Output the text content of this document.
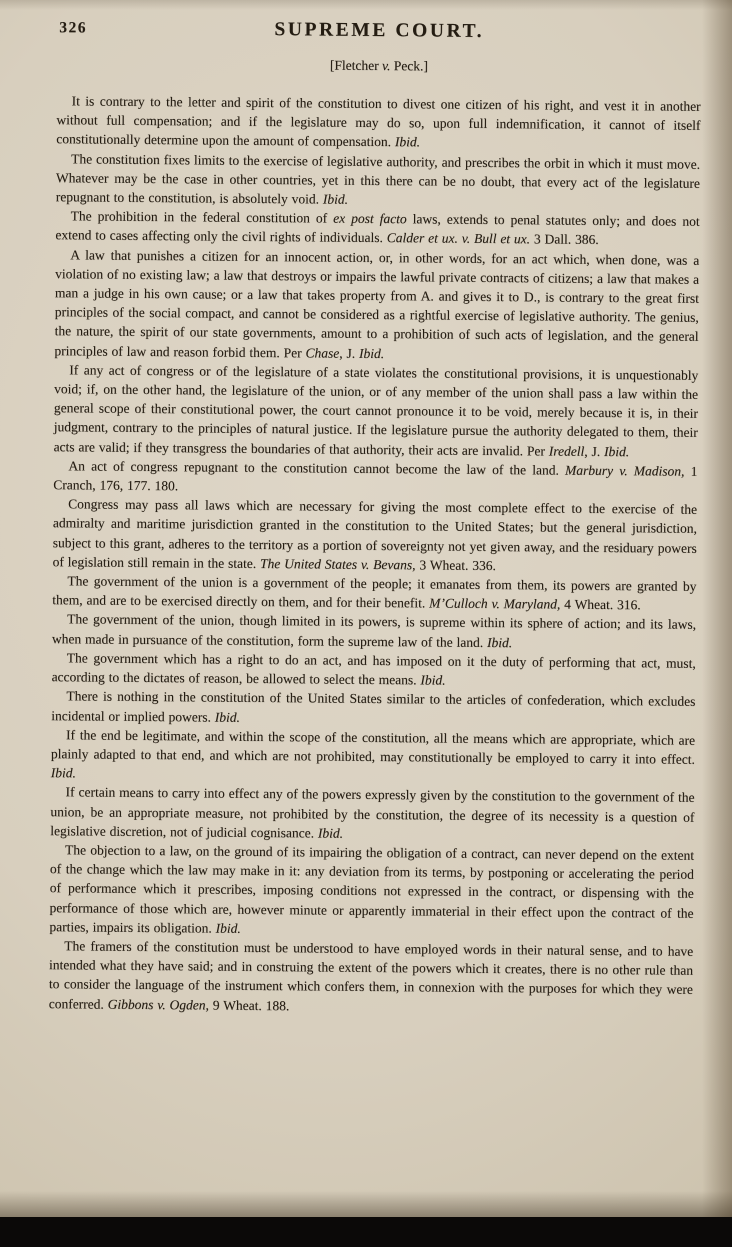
326	SUPREME COURT.
[Fletcher v. Peck.]

It is contrary to the letter and spirit of the constitution to divest one citizen of his right, and vest it in another without full compensation; and if the legislature may do so, upon full indemnification, it cannot of itself constitutionally determine upon the amount of compensation. Ibid.

The constitution fixes limits to the exercise of legislative authority, and prescribes the orbit in which it must move. Whatever may be the case in other countries, yet in this there can be no doubt, that every act of the legislature repugnant to the constitution, is absolutely void. Ibid.

The prohibition in the federal constitution of ex post facto laws, extends to penal statutes only; and does not extend to cases affecting only the civil rights of individuals. Calder et ux. v. Bull et ux. 3 Dall. 386.

A law that punishes a citizen for an innocent action, or, in other words, for an act which, when done, was a violation of no existing law; a law that destroys or impairs the lawful private contracts of citizens; a law that makes a man a judge in his own cause; or a law that takes property from A. and gives it to D., is contrary to the great first principles of the social compact, and cannot be considered as a rightful exercise of legislative authority. The genius, the nature, the spirit of our state governments, amount to a prohibition of such acts of legislation, and the general principles of law and reason forbid them. Per Chase, J. Ibid.

If any act of congress or of the legislature of a state violates the constitutional provisions, it is unquestionably void; if, on the other hand, the legislature of the union, or of any member of the union shall pass a law within the general scope of their constitutional power, the court cannot pronounce it to be void, merely because it is, in their judgment, contrary to the principles of natural justice. If the legislature pursue the authority delegated to them, their acts are valid; if they transgress the boundaries of that authority, their acts are invalid. Per Iredell, J. Ibid.

An act of congress repugnant to the constitution cannot become the law of the land. Marbury v. Madison, 1 Cranch, 176, 177. 180.

Congress may pass all laws which are necessary for giving the most complete effect to the exercise of the admiralty and maritime jurisdiction granted in the constitution to the United States; but the general jurisdiction, subject to this grant, adheres to the territory as a portion of sovereignty not yet given away, and the residuary powers of legislation still remain in the state. The United States v. Bevans, 3 Wheat. 336.

The government of the union is a government of the people; it emanates from them, its powers are granted by them, and are to be exercised directly on them, and for their benefit. M’Culloch v. Maryland, 4 Wheat. 316.

The government of the union, though limited in its powers, is supreme within its sphere of action; and its laws, when made in pursuance of the constitution, form the supreme law of the land. Ibid.

The government which has a right to do an act, and has imposed on it the duty of performing that act, must, according to the dictates of reason, be allowed to select the means. Ibid.

There is nothing in the constitution of the United States similar to the articles of confederation, which excludes incidental or implied powers. Ibid.

If the end be legitimate, and within the scope of the constitution, all the means which are appropriate, which are plainly adapted to that end, and which are not prohibited, may constitutionally be employed to carry it into effect. Ibid.

If certain means to carry into effect any of the powers expressly given by the constitution to the government of the union, be an appropriate measure, not prohibited by the constitution, the degree of its necessity is a question of legislative discretion, not of judicial cognisance. Ibid.

The objection to a law, on the ground of its impairing the obligation of a contract, can never depend on the extent of the change which the law may make in it: any deviation from its terms, by postponing or accelerating the period of performance which it prescribes, imposing conditions not expressed in the contract, or dispensing with the performance of those which are, however minute or apparently immaterial in their effect upon the contract of the parties, impairs its obligation. Ibid.

The framers of the constitution must be understood to have employed words in their natural sense, and to have intended what they have said; and in construing the extent of the powers which it creates, there is no other rule than to consider the language of the instrument which confers them, in connexion with the purposes for which they were conferred. Gibbons v. Ogden, 9 Wheat. 188.
